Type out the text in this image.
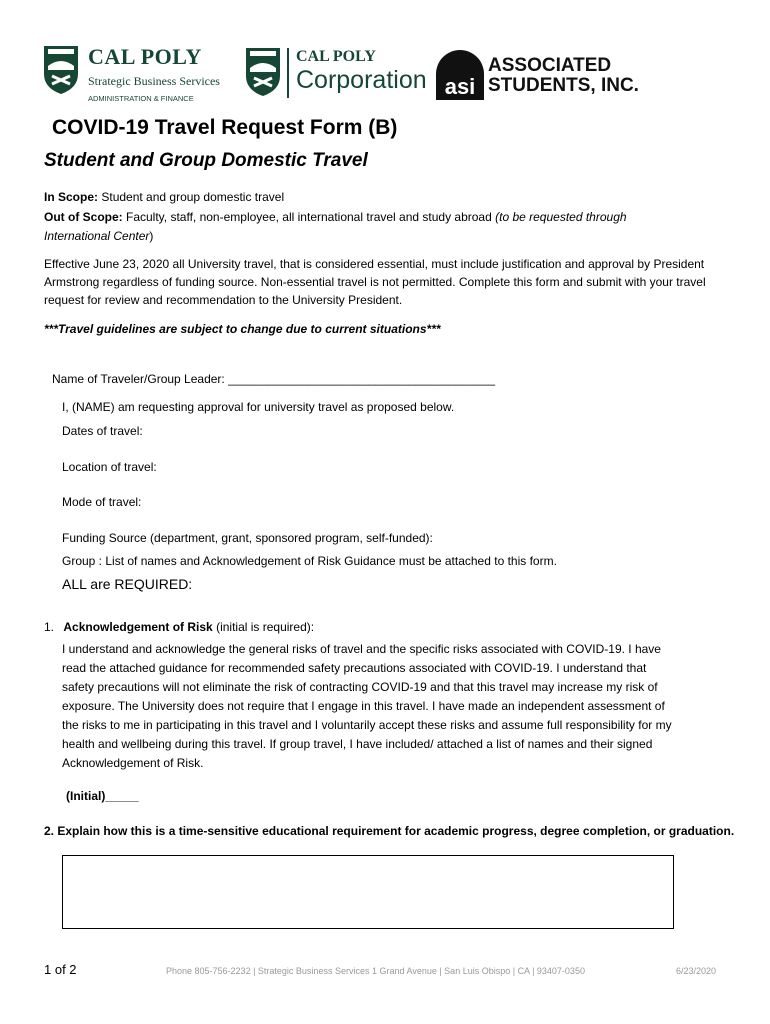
CAL POLY
Strategic Business Services
ADMINISTRATION & FINANCE
CAL POLY
Corporation asi
ASSOCIATED
STUDENTS, INC.
COVID-19 Travel Request Form (B)
Student and Group Domestic Travel
In Scope: Student and group domestic travel
Out of Scope: Faculty, staff, non-employee, all international travel and study abroad (to be requested through
International Center)
Effective June 23, 2020 all University travel, that is considered essential, must include justification and approval by President
Armstrong regardless of funding source. Non-essential travel is not permitted. Complete this form and submit with your travel
request for review and recommendation to the University President.
***Travel guidelines are subject to change due to current situations***
Name of Traveler/Group Leader: ________________________________________
I, (NAME) am requesting approval for university travel as proposed below.
Dates of travel:
Location of travel:
Mode of travel:
Funding Source (department, grant, sponsored program, self-funded):
Group : List of names and Acknowledgement of Risk Guidance must be attached to this form.
ALL are REQUIRED:
1. Acknowledgement of Risk (initial is required):
I understand and acknowledge the general risks of travel and the specific risks associated with COVID-19. I have
read the attached guidance for recommended safety precautions associated with COVID-19. I understand that
safety precautions will not eliminate the risk of contracting COVID-19 and that this travel may increase my risk of
exposure. The University does not require that I engage in this travel. I have made an independent assessment of
the risks to me in participating in this travel and I voluntarily accept these risks and assume full responsibility for my
health and wellbeing during this travel. If group travel, I have included/ attached a list of names and their signed
Acknowledgement of Risk.
(Initial)_____
2. Explain how this is a time-sensitive educational requirement for academic progress, degree completion, or graduation.
1 of 2	Phone 805-756-2232 | Strategic Business Services 1 Grand Avenue | San Luis Obispo | CA | 93407-0350	6/23/2020
